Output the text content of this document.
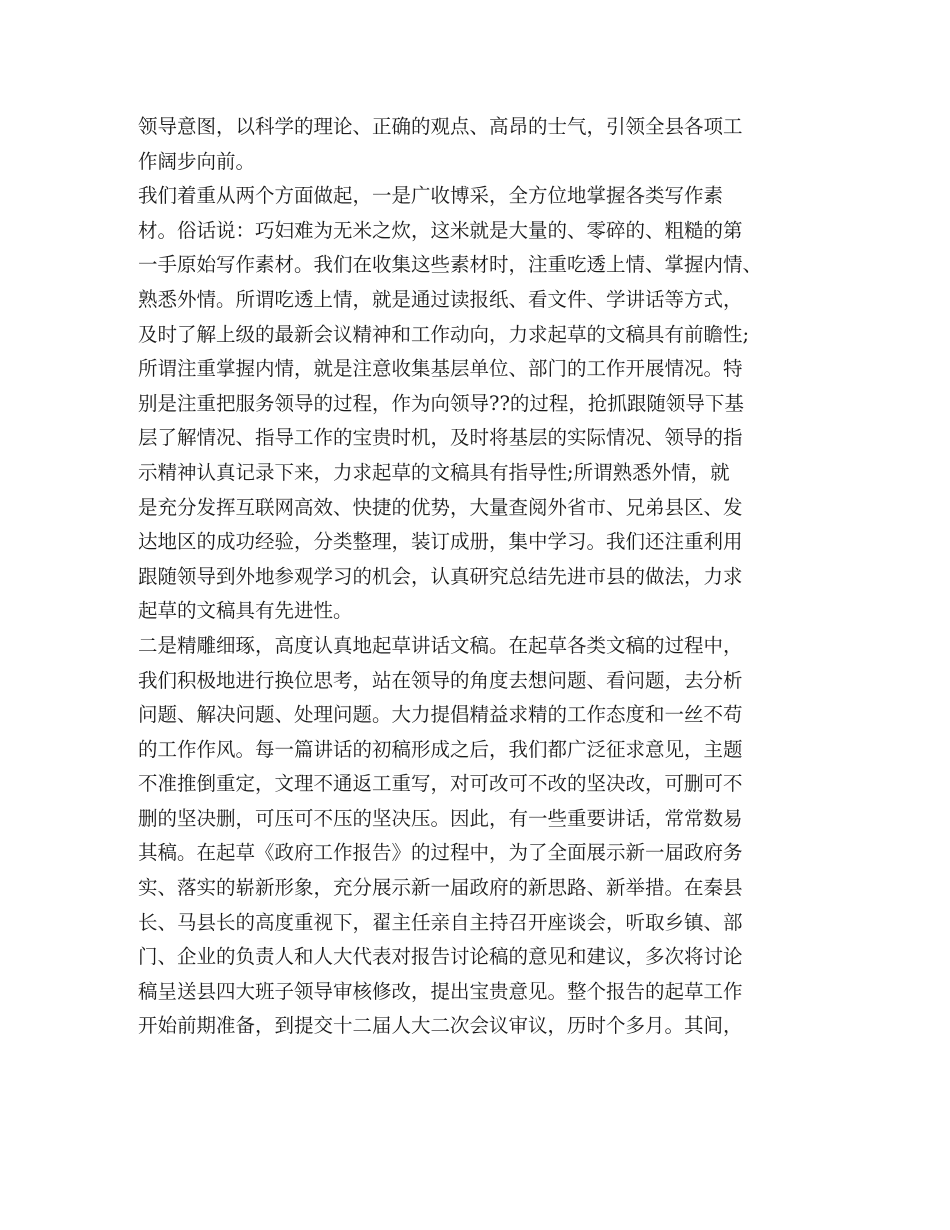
领导意图，以科学的理论、正确的观点、高昂的士气，引领全县各项工
作阔步向前。
我们着重从两个方面做起，一是广收博采，全方位地掌握各类写作素
材。俗话说：巧妇难为无米之炊，这米就是大量的、零碎的、粗糙的第
一手原始写作素材。我们在收集这些素材时，注重吃透上情、掌握内情、
熟悉外情。所谓吃透上情，就是通过读报纸、看文件、学讲话等方式，
及时了解上级的最新会议精神和工作动向，力求起草的文稿具有前瞻性;
所谓注重掌握内情，就是注意收集基层单位、部门的工作开展情况。特
别是注重把服务领导的过程，作为向领导??的过程，抢抓跟随领导下基
层了解情况、指导工作的宝贵时机，及时将基层的实际情况、领导的指
示精神认真记录下来，力求起草的文稿具有指导性;所谓熟悉外情，就
是充分发挥互联网高效、快捷的优势，大量查阅外省市、兄弟县区、发
达地区的成功经验，分类整理，装订成册，集中学习。我们还注重利用
跟随领导到外地参观学习的机会，认真研究总结先进市县的做法，力求
起草的文稿具有先进性。
二是精雕细琢，高度认真地起草讲话文稿。在起草各类文稿的过程中，
我们积极地进行换位思考，站在领导的角度去想问题、看问题，去分析
问题、解决问题、处理问题。大力提倡精益求精的工作态度和一丝不苟
的工作作风。每一篇讲话的初稿形成之后，我们都广泛征求意见，主题
不准推倒重定，文理不通返工重写，对可改可不改的坚决改，可删可不
删的坚决删，可压可不压的坚决压。因此，有一些重要讲话，常常数易
其稿。在起草《政府工作报告》的过程中，为了全面展示新一届政府务
实、落实的崭新形象，充分展示新一届政府的新思路、新举措。在秦县
长、马县长的高度重视下，翟主任亲自主持召开座谈会，听取乡镇、部
门、企业的负责人和人大代表对报告讨论稿的意见和建议，多次将讨论
稿呈送县四大班子领导审核修改，提出宝贵意见。整个报告的起草工作
开始前期准备，到提交十二届人大二次会议审议，历时个多月。其间，
